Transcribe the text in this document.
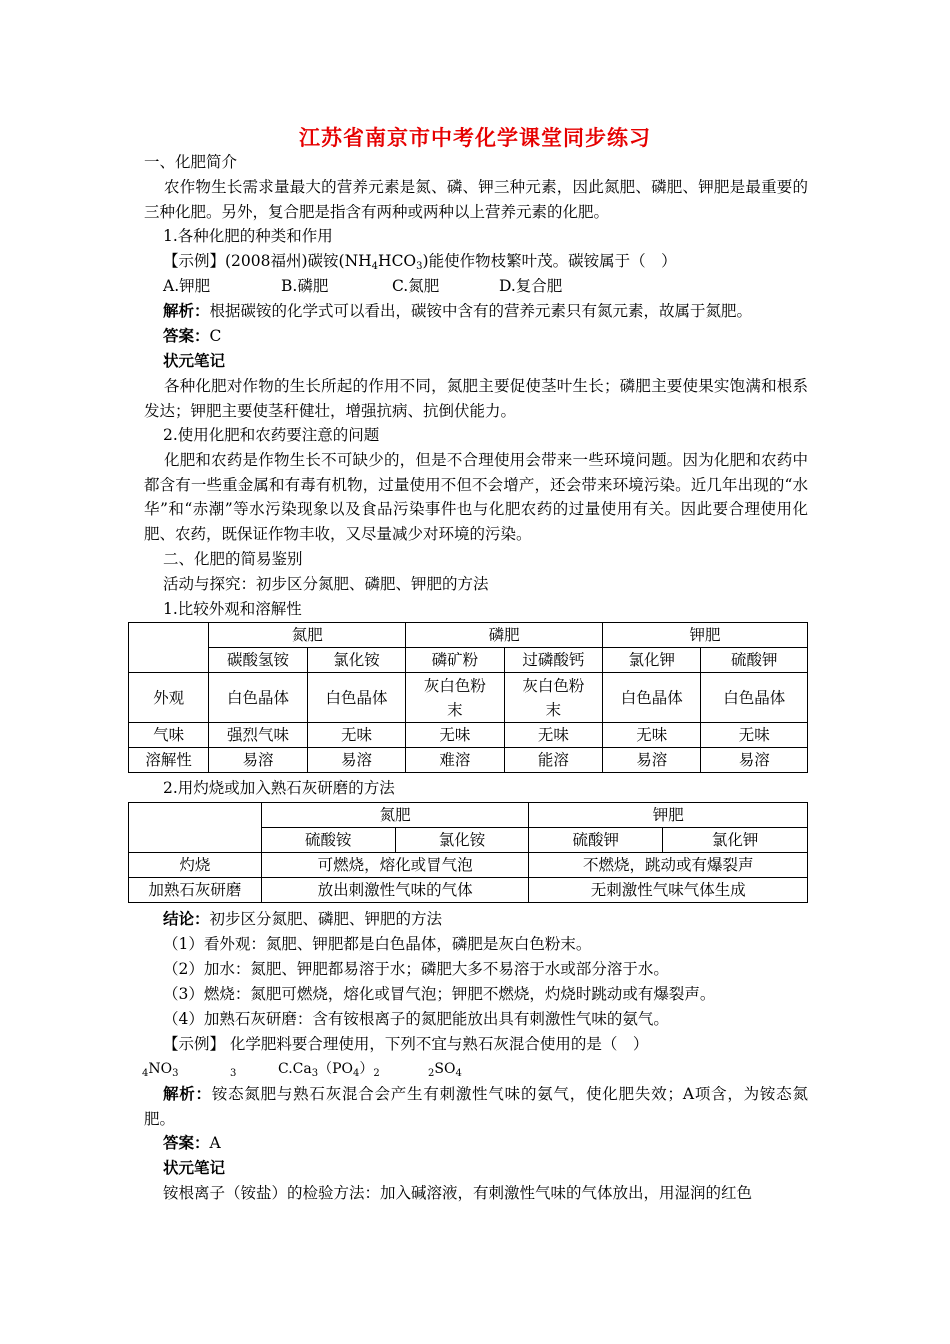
江苏省南京市中考化学课堂同步练习
一、化肥简介
农作物生长需求量最大的营养元素是氮、磷、钾三种元素，因此氮肥、磷肥、钾肥是最重要的三种化肥。另外，复合肥是指含有两种或两种以上营养元素的化肥。
1.各种化肥的种类和作用
【示例】(2008福州)碳铵$(NH_4HCO_3)$能使作物枝繁叶茂。碳铵属于（　）
A.钾肥	B.磷肥	C.氮肥	D.复合肥
解析：根据碳铵的化学式可以看出，碳铵中含有的营养元素只有氮元素，故属于氮肥。
答案：C
状元笔记
各种化肥对作物的生长所起的作用不同，氮肥主要促使茎叶生长；磷肥主要使果实饱满和根系发达；钾肥主要使茎秆健壮，增强抗病、抗倒伏能力。
2.使用化肥和农药要注意的问题
化肥和农药是作物生长不可缺少的，但是不合理使用会带来一些环境问题。因为化肥和农药中都含有一些重金属和有毒有机物，过量使用不但不会增产，还会带来环境污染。近几年出现的“水华”和“赤潮”等水污染现象以及食品污染事件也与化肥农药的过量使用有关。因此要合理使用化肥、农药，既保证作物丰收，又尽量减少对环境的污染。
二、化肥的简易鉴别
活动与探究：初步区分氮肥、磷肥、钾肥的方法
1.比较外观和溶解性
	氮肥		磷肥		钾肥	
	碳酸氢铵	氯化铵	磷矿粉	过磷酸钙	氯化钾	硫酸钾
外观	白色晶体	白色晶体	灰白色粉末	灰白色粉末	白色晶体	白色晶体
气味	强烈气味	无味	无味	无味	无味	无味
溶解性	易溶	易溶	难溶	能溶	易溶	易溶
2.用灼烧或加入熟石灰研磨的方法
	氮肥		钾肥	
	硫酸铵	氯化铵	硫酸钾	氯化钾
灼烧	可燃烧，熔化或冒气泡		不燃烧，跳动或有爆裂声	
加熟石灰研磨	放出刺激性气味的气体		无刺激性气味气体生成	
结论：初步区分氮肥、磷肥、钾肥的方法
（1）看外观：氮肥、钾肥都是白色晶体，磷肥是灰白色粉末。
（2）加水：氮肥、钾肥都易溶于水；磷肥大多不易溶于水或部分溶于水。
（3）燃烧：氮肥可燃烧，熔化或冒气泡；钾肥不燃烧，灼烧时跳动或有爆裂声。
（4）加熟石灰研磨：含有铵根离子的氮肥能放出具有刺激性气味的氨气。
【示例】 化学肥料要合理使用，下列不宜与熟石灰混合使用的是（　）
$_4NO_3$	$_3$	$C.Ca_3(PO_4)_2$	$_2SO_4$
解析：铵态氮肥与熟石灰混合会产生有刺激性气味的氨气，使化肥失效；A项含，为铵态氮肥。
答案：A
状元笔记
铵根离子（铵盐）的检验方法：加入碱溶液，有刺激性气味的气体放出，用湿润的红色
